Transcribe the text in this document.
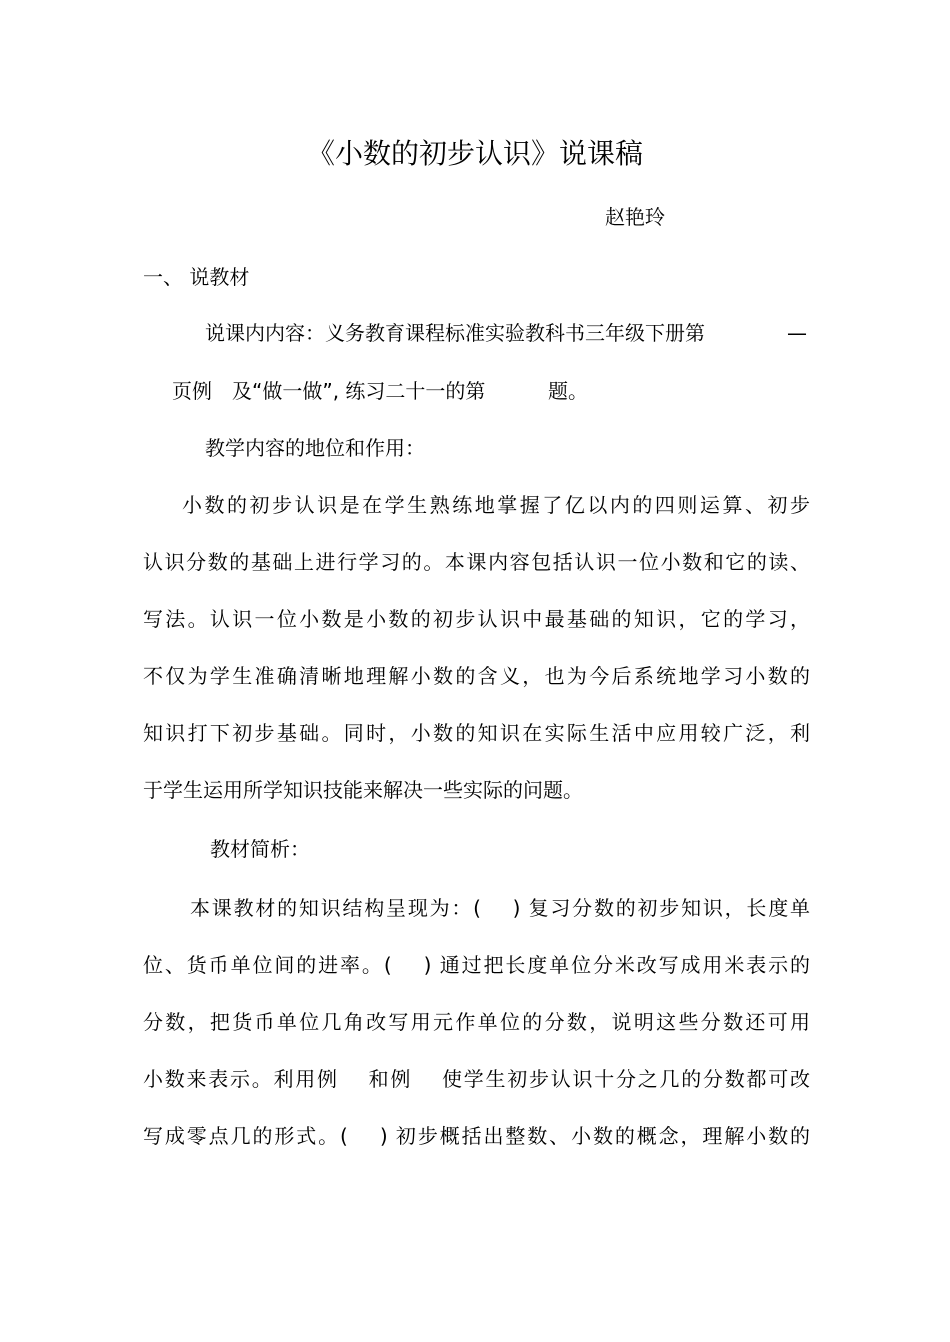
《小数的初步认识》说课稿
赵艳玲
一、 说教材
说课内内容：义务教育课程标准实验教科书三年级下册第	—
页例 及“做一做”, 练习二十一的第	题。
教学内容的地位和作用：
小数的初步认识是在学生熟练地掌握了亿以内的四则运算、初步
认识分数的基础上进行学习的。本课内容包括认识一位小数和它的读、
写法。认识一位小数是小数的初步认识中最基础的知识，它的学习，
不仅为学生准确清晰地理解小数的含义，也为今后系统地学习小数的
知识打下初步基础。同时，小数的知识在实际生活中应用较广泛，利
于学生运用所学知识技能来解决一些实际的问题。
教材简析：
本课教材的知识结构呈现为：(　 ) 复习分数的初步知识，长度单
位、货币单位间的进率。(　 ) 通过把长度单位分米改写成用米表示的
分数，把货币单位几角改写用元作单位的分数，说明这些分数还可用
小数来表示。利用例　 和例　 使学生初步认识十分之几的分数都可改
写成零点几的形式。(　 ) 初步概括出整数、小数的概念，理解小数的
